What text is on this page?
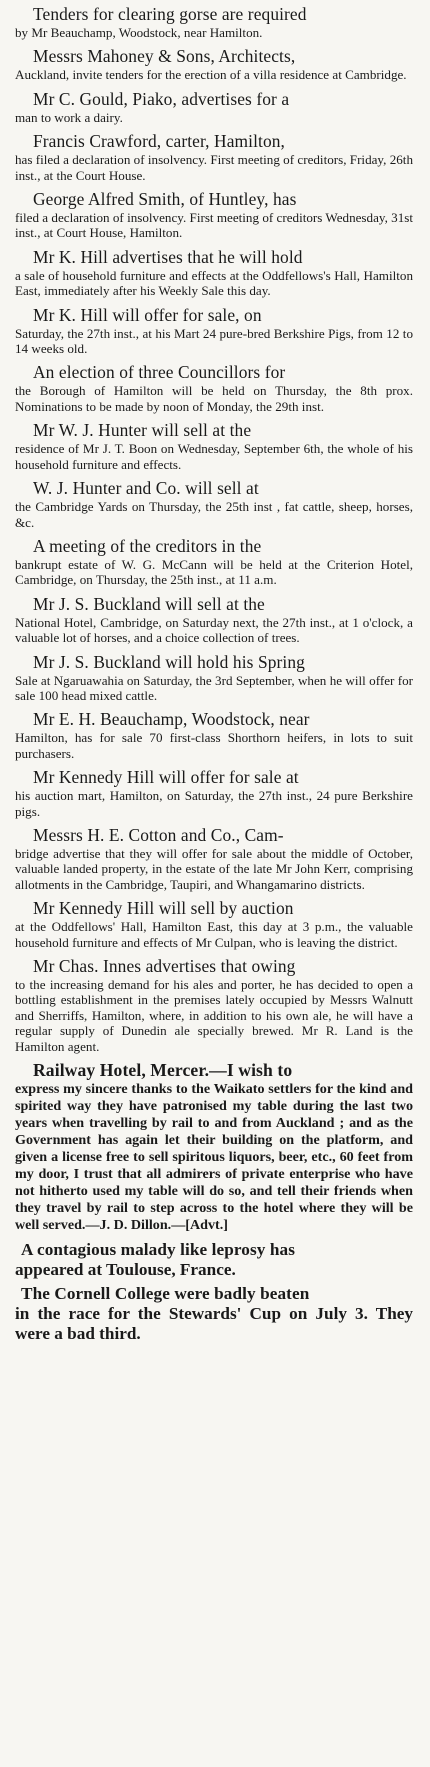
Tenders for clearing gorse are required
by Mr Beauchamp, Woodstock, near Hamilton.

Messrs Mahoney & Sons, Architects,
Auckland, invite tenders for the erection of a villa residence at Cambridge.

Mr C. Gould, Piako, advertises for a
man to work a dairy.

Francis Crawford, carter, Hamilton,
has filed a declaration of insolvency. First meeting of creditors, Friday, 26th inst., at the Court House.

George Alfred Smith, of Huntley, has
filed a declaration of insolvency. First meeting of creditors Wednesday, 31st inst., at Court House, Hamilton.

Mr K. Hill advertises that he will hold
a sale of household furniture and effects at the Oddfellows's Hall, Hamilton East, immediately after his Weekly Sale this day.

Mr K. Hill will offer for sale, on
Saturday, the 27th inst., at his Mart 24 pure-bred Berkshire Pigs, from 12 to 14 weeks old.

An election of three Councillors for
the Borough of Hamilton will be held on Thursday, the 8th prox. Nominations to be made by noon of Monday, the 29th inst.

Mr W. J. Hunter will sell at the
residence of Mr J. T. Boon on Wednesday, September 6th, the whole of his household furniture and effects.

W. J. Hunter and Co. will sell at
the Cambridge Yards on Thursday, the 25th inst , fat cattle, sheep, horses, &c.

A meeting of the creditors in the
bankrupt estate of W. G. McCann will be held at the Criterion Hotel, Cambridge, on Thursday, the 25th inst., at 11 a.m.

Mr J. S. Buckland will sell at the
National Hotel, Cambridge, on Saturday next, the 27th inst., at 1 o'clock, a valuable lot of horses, and a choice collection of trees.

Mr J. S. Buckland will hold his Spring
Sale at Ngaruawahia on Saturday, the 3rd September, when he will offer for sale 100 head mixed cattle.

Mr E. H. Beauchamp, Woodstock, near
Hamilton, has for sale 70 first-class Shorthorn heifers, in lots to suit purchasers.

Mr Kennedy Hill will offer for sale at
his auction mart, Hamilton, on Saturday, the 27th inst., 24 pure Berkshire pigs.

Messrs H. E. Cotton and Co., Cam-
bridge advertise that they will offer for sale about the middle of October, valuable landed property, in the estate of the late Mr John Kerr, comprising allotments in the Cambridge, Taupiri, and Whangamarino districts.

Mr Kennedy Hill will sell by auction
at the Oddfellows' Hall, Hamilton East, this day at 3 p.m., the valuable household furniture and effects of Mr Culpan, who is leaving the district.

Mr Chas. Innes advertises that owing
to the increasing demand for his ales and porter, he has decided to open a bottling establishment in the premises lately occupied by Messrs Walnutt and Sherriffs, Hamilton, where, in addition to his own ale, he will have a regular supply of Dunedin ale specially brewed. Mr R. Land is the Hamilton agent.

Railway Hotel, Mercer.—I wish to
express my sincere thanks to the Waikato settlers for the kind and spirited way they have patronised my table during the last two years when travelling by rail to and from Auckland ; and as the Government has again let their building on the platform, and given a license free to sell spiritous liquors, beer, etc., 60 feet from my door, I trust that all admirers of private enterprise who have not hitherto used my table will do so, and tell their friends when they travel by rail to step across to the hotel where they will be well served.—J. D. Dillon.—[Advt.]

A contagious malady like leprosy has
appeared at Toulouse, France.

The Cornell College were badly beaten
in the race for the Stewards' Cup on July 3. They were a bad third.
